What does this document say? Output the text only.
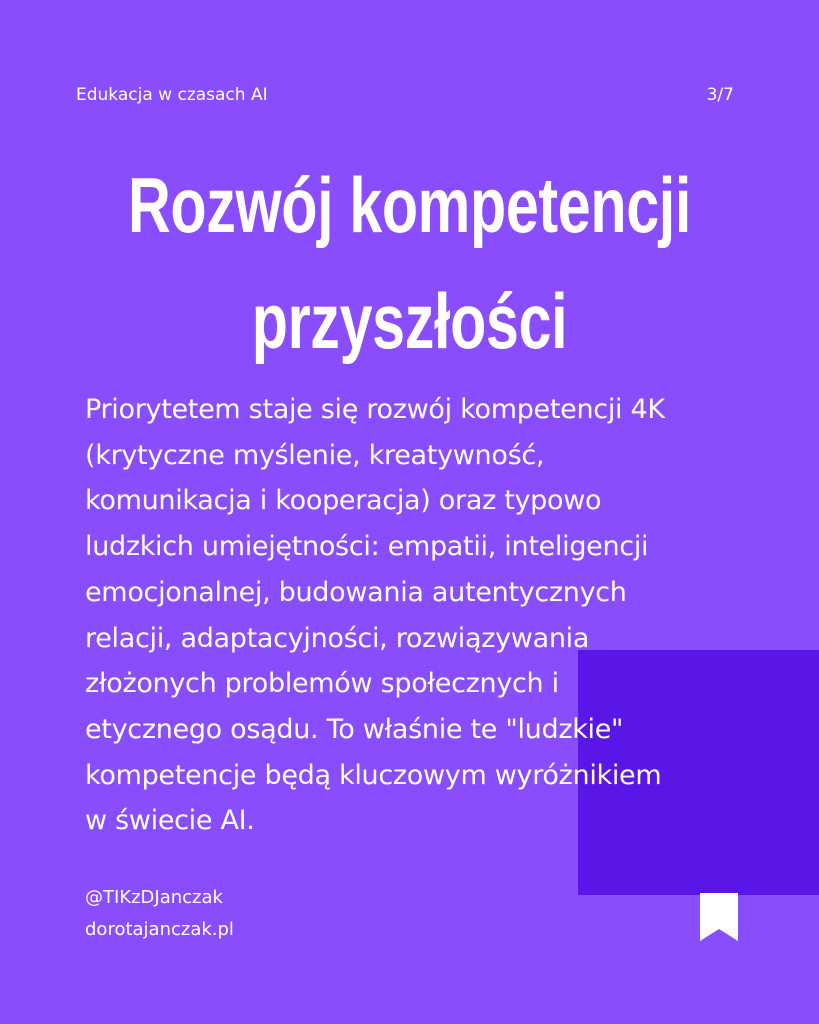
Edukacja w czasach AI	3/7
Rozwój kompetencji
przyszłości

Priorytetem staje się rozwój kompetencji 4K
(krytyczne myślenie, kreatywność,
komunikacja i kooperacja) oraz typowo
ludzkich umiejętności: empatii, inteligencji
emocjonalnej, budowania autentycznych
relacji, adaptacyjności, rozwiązywania
złożonych problemów społecznych i
etycznego osądu. To właśnie te "ludzkie"
kompetencje będą kluczowym wyróżnikiem
w świecie AI.

@TIKzDJanczak
dorotajanczak.pl
